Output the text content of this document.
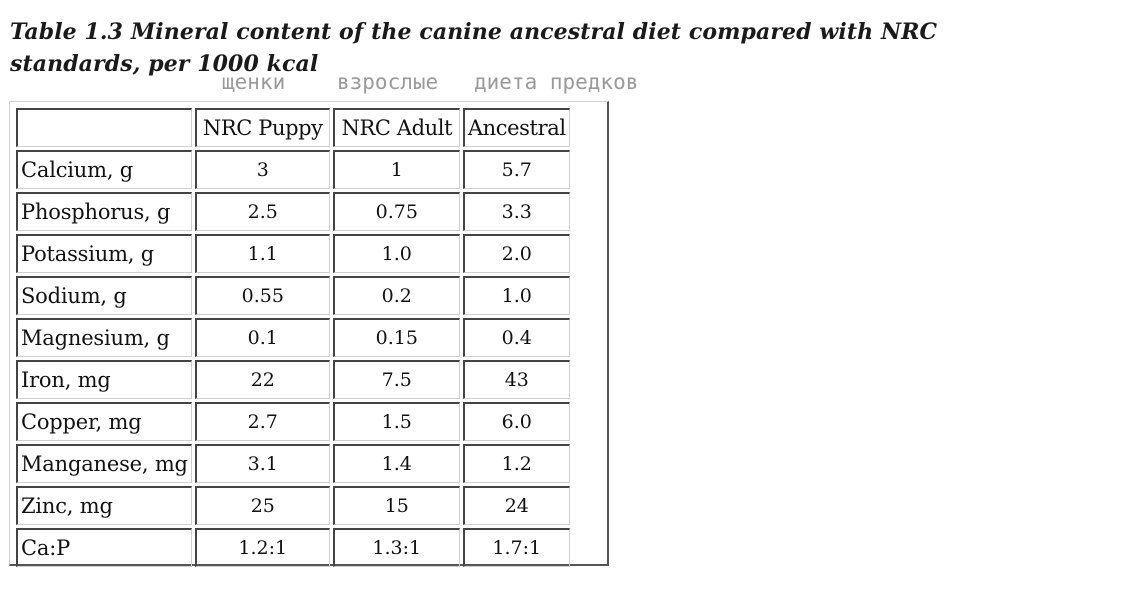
Table 1.3 Mineral content of the canine ancestral diet compared with NRC standards, per 1000 kcal
щенки взрослые диета предков
	NRC Puppy	NRC Adult	Ancestral
Calcium, g	3	1	5.7
Phosphorus, g	2.5	0.75	3.3
Potassium, g	1.1	1.0	2.0
Sodium, g	0.55	0.2	1.0
Magnesium, g	0.1	0.15	0.4
Iron, mg	22	7.5	43
Copper, mg	2.7	1.5	6.0
Manganese, mg	3.1	1.4	1.2
Zinc, mg	25	15	24
Ca:P	1.2:1	1.3:1	1.7:1
